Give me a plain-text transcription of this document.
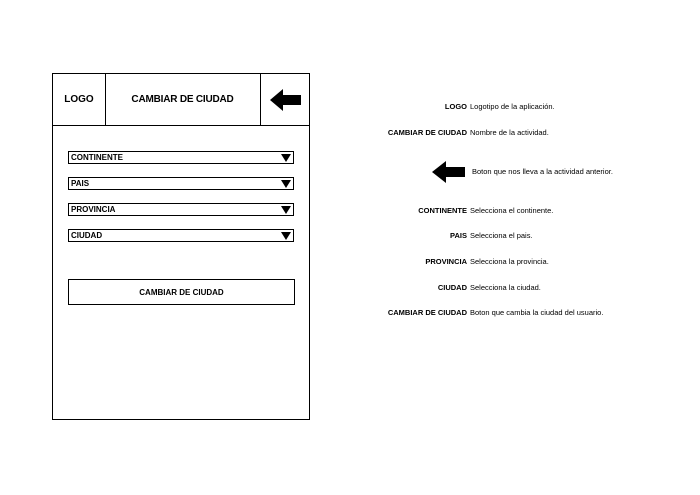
LOGO	CAMBIAR DE CIUDAD
CONTINENTE
PAIS
PROVINCIA
CIUDAD
CAMBIAR DE CIUDAD
LOGO Logotipo de la aplicación.
CAMBIAR DE CIUDAD Nombre de la actividad.
CONTINENTE Selecciona el continente.
PAIS Selecciona el pais.
PROVINCIA Selecciona la provincia.
CIUDAD Selecciona la ciudad.
CAMBIAR DE CIUDAD Boton que cambia la ciudad del usuario.
Boton que nos lleva a la actividad anterior.
